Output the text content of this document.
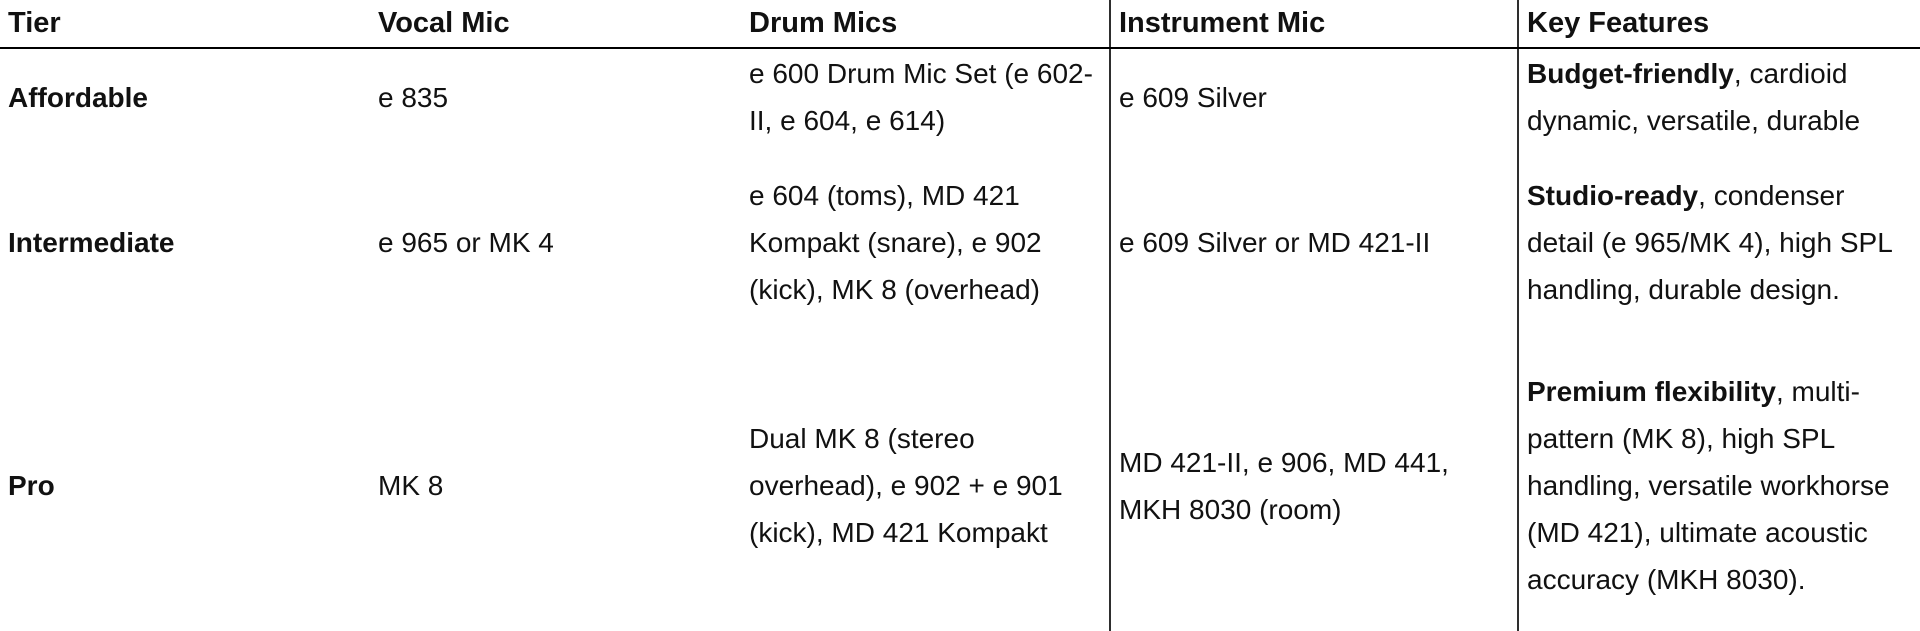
Tier	Vocal Mic	Drum Mics	Instrument Mic	Key Features
Affordable	e 835	e 600 Drum Mic Set (e 602-II, e 604, e 614)	e 609 Silver	Budget-friendly, cardioid dynamic, versatile, durable
Intermediate	e 965 or MK 4	e 604 (toms), MD 421 Kompakt (snare), e 902 (kick), MK 8 (overhead)	e 609 Silver or MD 421-II	Studio-ready, condenser detail (e 965/MK 4), high SPL handling, durable design.
Pro	MK 8	Dual MK 8 (stereo overhead), e 902 + e 901 (kick), MD 421 Kompakt	MD 421-II, e 906, MD 441, MKH 8030 (room)	Premium flexibility, multi-pattern (MK 8), high SPL handling, versatile workhorse (MD 421), ultimate acoustic accuracy (MKH 8030).
